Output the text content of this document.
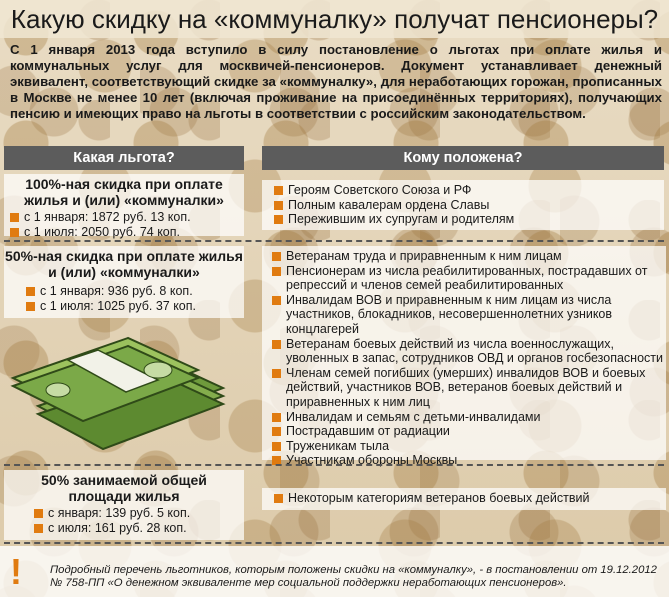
Какую скидку на «коммуналку» получат пенсионеры?
С 1 января 2013 года вступило в силу постановление о льготах при оплате жилья и коммунальных услуг для москвичей-пенсионеров. Документ устанавливает денежный эквивалент, соответствующий скидке за «коммуналку», для неработающих горожан, прописанных в Москве не менее 10 лет (включая проживание на присоединённых территориях), получающих пенсию и имеющих право на льготы в соответствии с российским законодательством.
Какая льгота?	Кому положена?
100%-ная скидка при оплате жилья и (или) «коммуналки»
с 1 января: 1872 руб. 13 коп.
с 1 июля: 2050 руб. 74 коп.
Героям Советского Союза и РФ
Полным кавалерам ордена Славы
Пережившим их супругам и родителям
50%-ная скидка при оплате жилья и (или) «коммуналки»
с 1 января: 936 руб. 8 коп.
с 1 июля: 1025 руб. 37 коп.
Ветеранам труда и приравненным к ним лицам
Пенсионерам из числа реабилитированных, пострадавших от репрессий и членов семей реабилитированных
Инвалидам ВОВ и приравненным к ним лицам из числа участников, блокадников, несовершеннолетних узников концлагерей
Ветеранам боевых действий из числа военнослужащих, уволенных в запас, сотрудников ОВД и органов госбезопасности
Членам семей погибших (умерших) инвалидов ВОВ и боевых действий, участников ВОВ, ветеранов боевых действий и приравненных к ним лиц
Инвалидам и семьям с детьми-инвалидами
Пострадавшим от радиации
Труженикам тыла
Участникам обороны Москвы
50% занимаемой общей площади жилья
с января: 139 руб. 5 коп.
с июля: 161 руб. 28 коп.
Некоторым категориям ветеранов боевых действий
! Подробный перечень льготников, которым положены скидки на «коммуналку», - в постановлении от 19.12.2012 № 758-ПП «О денежном эквиваленте мер социальной поддержки неработающих пенсионеров».
